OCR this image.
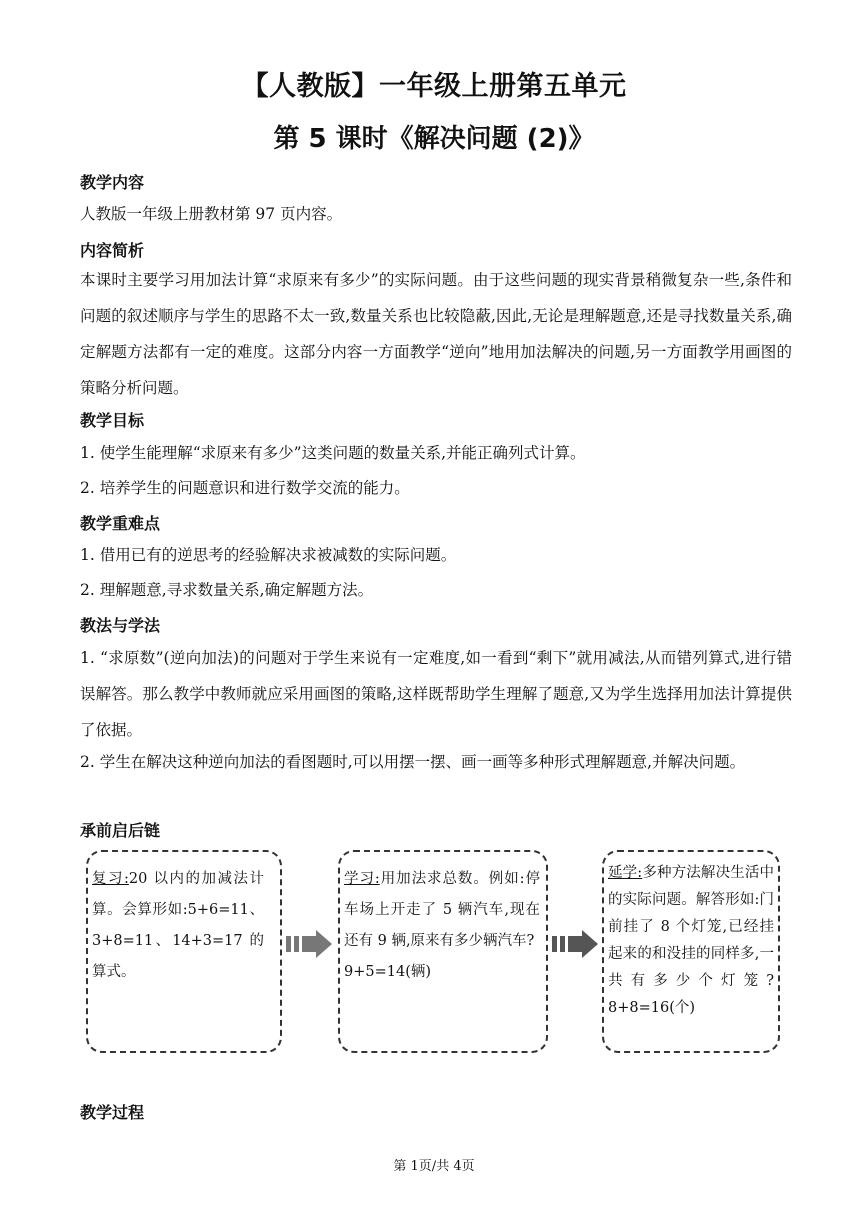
【人教版】一年级上册第五单元
第 5 课时《解决问题 (2)》
教学内容
人教版一年级上册教材第 97 页内容。
内容简析
本课时主要学习用加法计算“求原来有多少”的实际问题。由于这些问题的现实背景稍微复杂一些,条件和问题的叙述顺序与学生的思路不太一致,数量关系也比较隐蔽,因此,无论是理解题意,还是寻找数量关系,确定解题方法都有一定的难度。这部分内容一方面教学“逆向”地用加法解决的问题,另一方面教学用画图的策略分析问题。
教学目标
1. 使学生能理解“求原来有多少”这类问题的数量关系,并能正确列式计算。
2. 培养学生的问题意识和进行数学交流的能力。
教学重难点
1. 借用已有的逆思考的经验解决求被减数的实际问题。
2. 理解题意,寻求数量关系,确定解题方法。
教法与学法
1. “求原数”(逆向加法)的问题对于学生来说有一定难度,如一看到“剩下”就用减法,从而错列算式,进行错误解答。那么教学中教师就应采用画图的策略,这样既帮助学生理解了题意,又为学生选择用加法计算提供了依据。
2. 学生在解决这种逆向加法的看图题时,可以用摆一摆、画一画等多种形式理解题意,并解决问题。
承前启后链
复习:20 以内的加减法计算。会算形如:5+6=11、3+8=11、14+3=17 的算式。
学习:用加法求总数。例如:停车场上开走了 5 辆汽车,现在还有 9 辆,原来有多少辆汽车?
9+5=14(辆)
延学:多种方法解决生活中的实际问题。解答形如:门前挂了 8 个灯笼,已经挂起来的和没挂的同样多,一共有多少个灯笼?8+8=16(个)
教学过程
第 1页/共 4页
